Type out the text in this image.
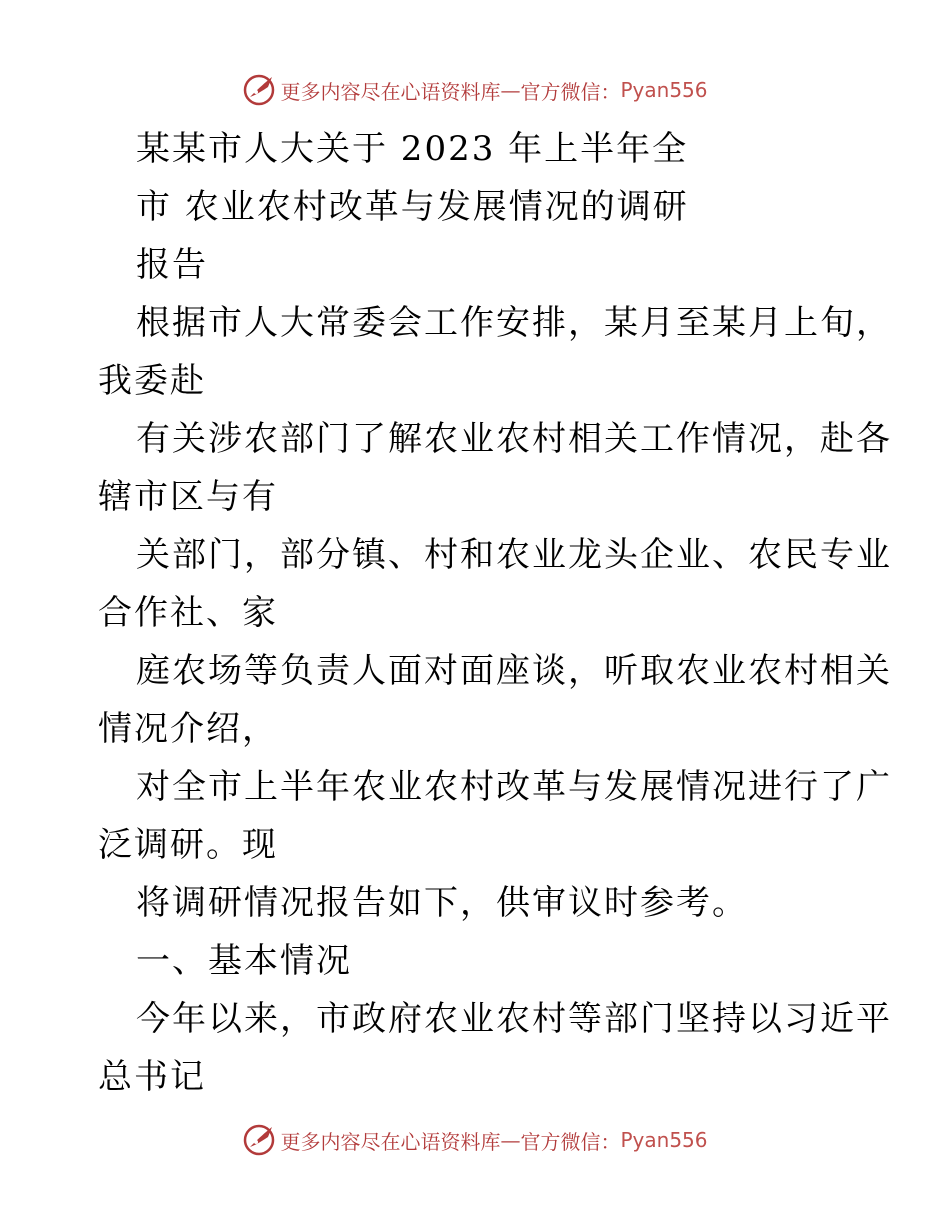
更多内容尽在心语资料库 — 官方微信： Pyan556
某某市人大关于 2023 年上半年全
市 农业农村改革与发展情况的调研
报告
根据市人大常委会工作安排，某月至某月上旬，
我委赴
有关涉农部门了解农业农村相关工作情况，赴各
辖市区与有
关部门，部分镇、村和农业龙头企业、农民专业
合作社、家
庭农场等负责人面对面座谈，听取农业农村相关
情况介绍，
对全市上半年农业农村改革与发展情况进行了广
泛调研。现
将调研情况报告如下，供审议时参考。
一、基本情况
今年以来，市政府农业农村等部门坚持以习近平
总书记
更多内容尽在心语资料库 — 官方微信： Pyan556
